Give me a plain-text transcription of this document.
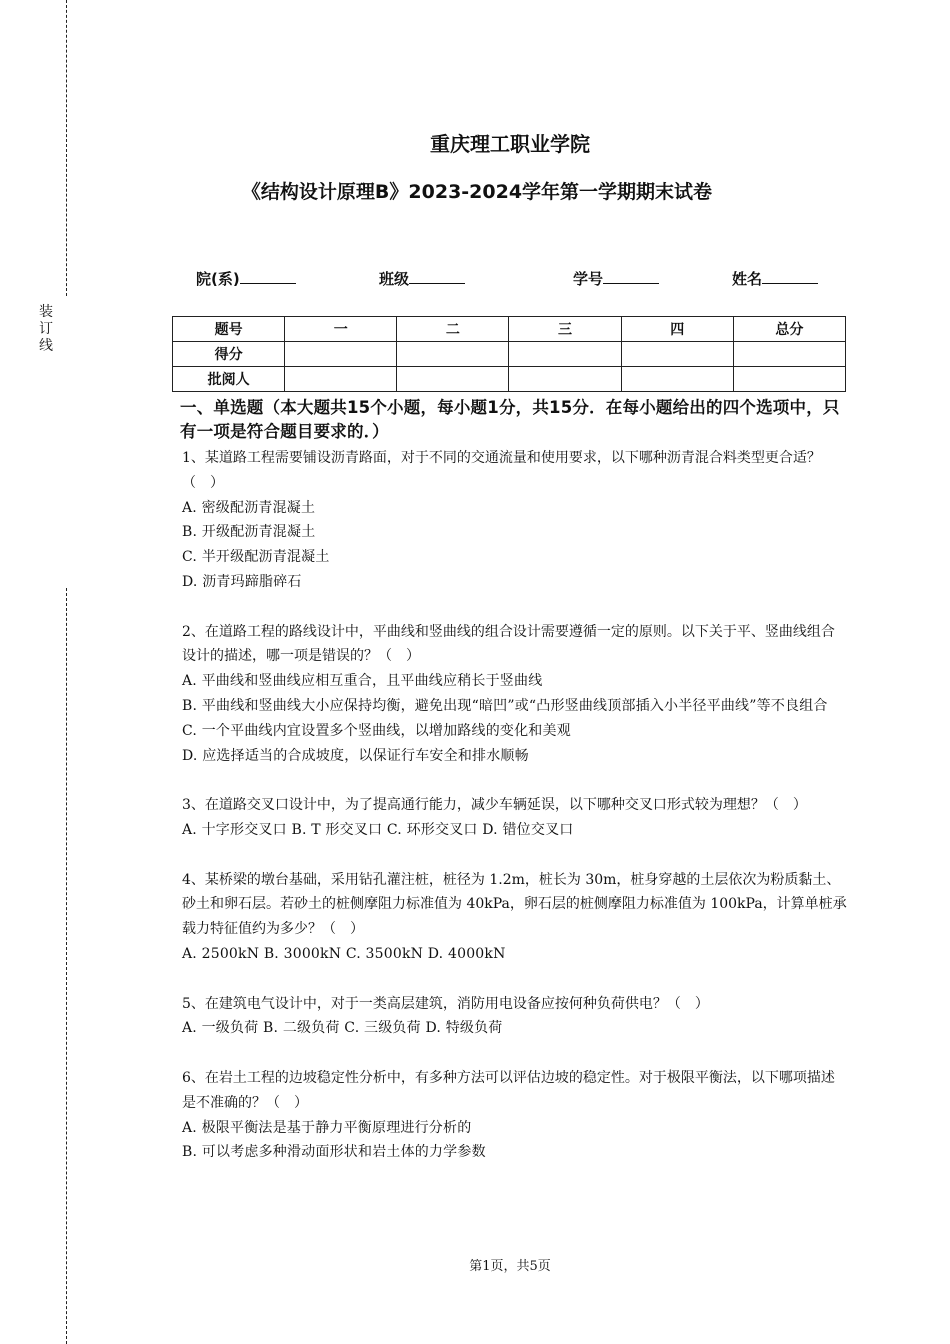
装
订
线
重庆理工职业学院
《结构设计原理B》2023-2024学年第一学期期末试卷
院(系)	班级	学号	姓名
题号	一	二	三	四	总分
得分					
批阅人					
一、单选题（本大题共15个小题，每小题1分，共15分．在每小题给出的四个选项中，只有一项是符合题目要求的．）

1、某道路工程需要铺设沥青路面，对于不同的交通流量和使用要求，以下哪种沥青混合料类型更合适？（　）

A. 密级配沥青混凝土

B. 开级配沥青混凝土

C. 半开级配沥青混凝土

D. 沥青玛蹄脂碎石

2、在道路工程的路线设计中，平曲线和竖曲线的组合设计需要遵循一定的原则。以下关于平、竖曲线组合设计的描述，哪一项是错误的？（　）

A. 平曲线和竖曲线应相互重合，且平曲线应稍长于竖曲线

B. 平曲线和竖曲线大小应保持均衡，避免出现“暗凹”或“凸形竖曲线顶部插入小半径平曲线”等不良组合

C. 一个平曲线内宜设置多个竖曲线，以增加路线的变化和美观

D. 应选择适当的合成坡度，以保证行车安全和排水顺畅

3、在道路交叉口设计中，为了提高通行能力，减少车辆延误，以下哪种交叉口形式较为理想？（　）

A. 十字形交叉口 B. T 形交叉口 C. 环形交叉口 D. 错位交叉口

4、某桥梁的墩台基础，采用钻孔灌注桩，桩径为 1.2m，桩长为 30m，桩身穿越的土层依次为粉质黏土、砂土和卵石层。若砂土的桩侧摩阻力标准值为 40kPa，卵石层的桩侧摩阻力标准值为 100kPa，计算单桩承载力特征值约为多少？（　）

A. 2500kN B. 3000kN C. 3500kN D. 4000kN

5、在建筑电气设计中，对于一类高层建筑，消防用电设备应按何种负荷供电？（　）

A. 一级负荷 B. 二级负荷 C. 三级负荷 D. 特级负荷

6、在岩土工程的边坡稳定性分析中，有多种方法可以评估边坡的稳定性。对于极限平衡法，以下哪项描述是不准确的？（　）

A. 极限平衡法是基于静力平衡原理进行分析的

B. 可以考虑多种滑动面形状和岩土体的力学参数

第1页，共5页
